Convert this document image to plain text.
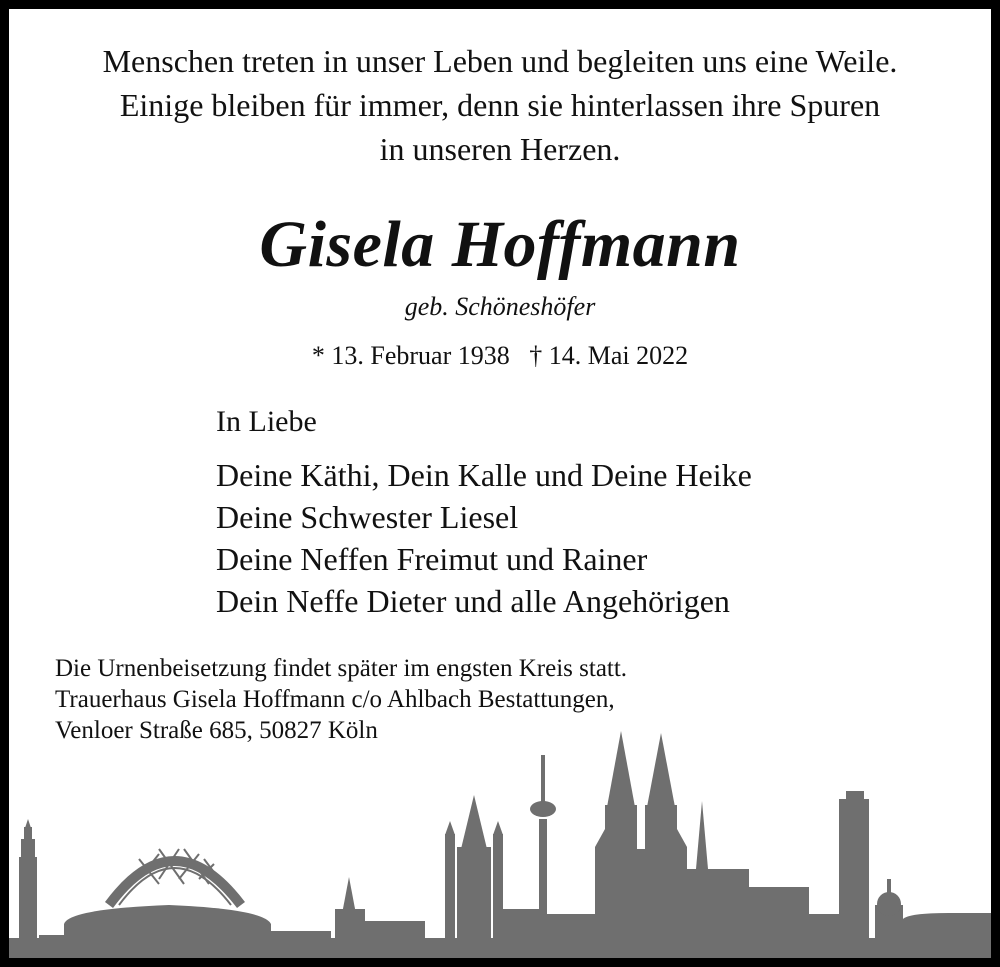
Menschen treten in unser Leben und begleiten uns eine Weile.
Einige bleiben für immer, denn sie hinterlassen ihre Spuren
in unseren Herzen.
Gisela Hoffmann
geb. Schöneshöfer
* 13. Februar 1938 † 14. Mai 2022
In Liebe
Deine Käthi, Dein Kalle und Deine Heike
Deine Schwester Liesel
Deine Neffen Freimut und Rainer
Dein Neffe Dieter und alle Angehörigen
Die Urnenbeisetzung findet später im engsten Kreis statt.
Trauerhaus Gisela Hoffmann c/o Ahlbach Bestattungen,
Venloer Straße 685, 50827 Köln
